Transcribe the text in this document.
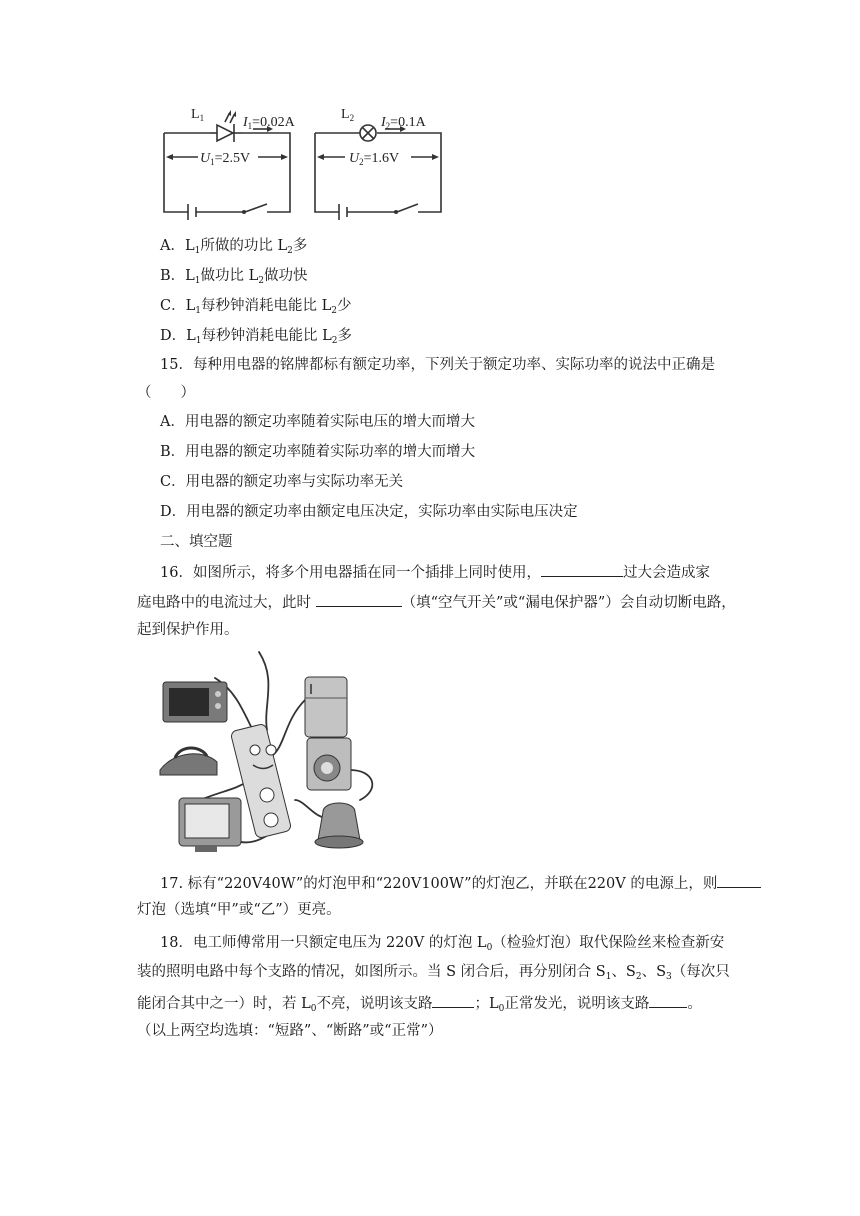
$L_1$	$I_1=0.02A$
$U_1=2.5V$
$L_2$ $I_2=0.1A$
$U_2=1.6V$
A．$L_1$所做的功比 $L_2$多
B．$L_1$做功比 $L_2$做功快
C．$L_1$每秒钟消耗电能比 $L_2$少
D．$L_1$每秒钟消耗电能比 $L_2$多
15．每种用电器的铭牌都标有额定功率，下列关于额定功率、实际功率的说法中正确是
（　　）
A．用电器的额定功率随着实际电压的增大而增大
B．用电器的额定功率随着实际功率的增大而增大
C．用电器的额定功率与实际功率无关
D．用电器的额定功率由额定电压决定，实际功率由实际电压决定
二、填空题
16．如图所示，将多个用电器插在同一个插排上同时使用，	过大会造成家
庭电路中的电流过大，此时	（填“空气开关”或“漏电保护器”）会自动切断电路，
起到保护作用。
17. 标有“220V40W”的灯泡甲和“220V100W”的灯泡乙，并联在220V 的电源上，则
灯泡（选填“甲”或“乙”）更亮。
18．电工师傅常用一只额定电压为 220V 的灯泡 $L_0$（检验灯泡）取代保险丝来检查新安
装的照明电路中每个支路的情况，如图所示。当 S 闭合后，再分别闭合 $S_1$、$S_2$、$S_3$（每次只
能闭合其中之一）时，若 $L_0$不亮，说明该支路	；$L_0$正常发光，说明该支路	。
（以上两空均选填：“短路”、“断路”或“正常”）
